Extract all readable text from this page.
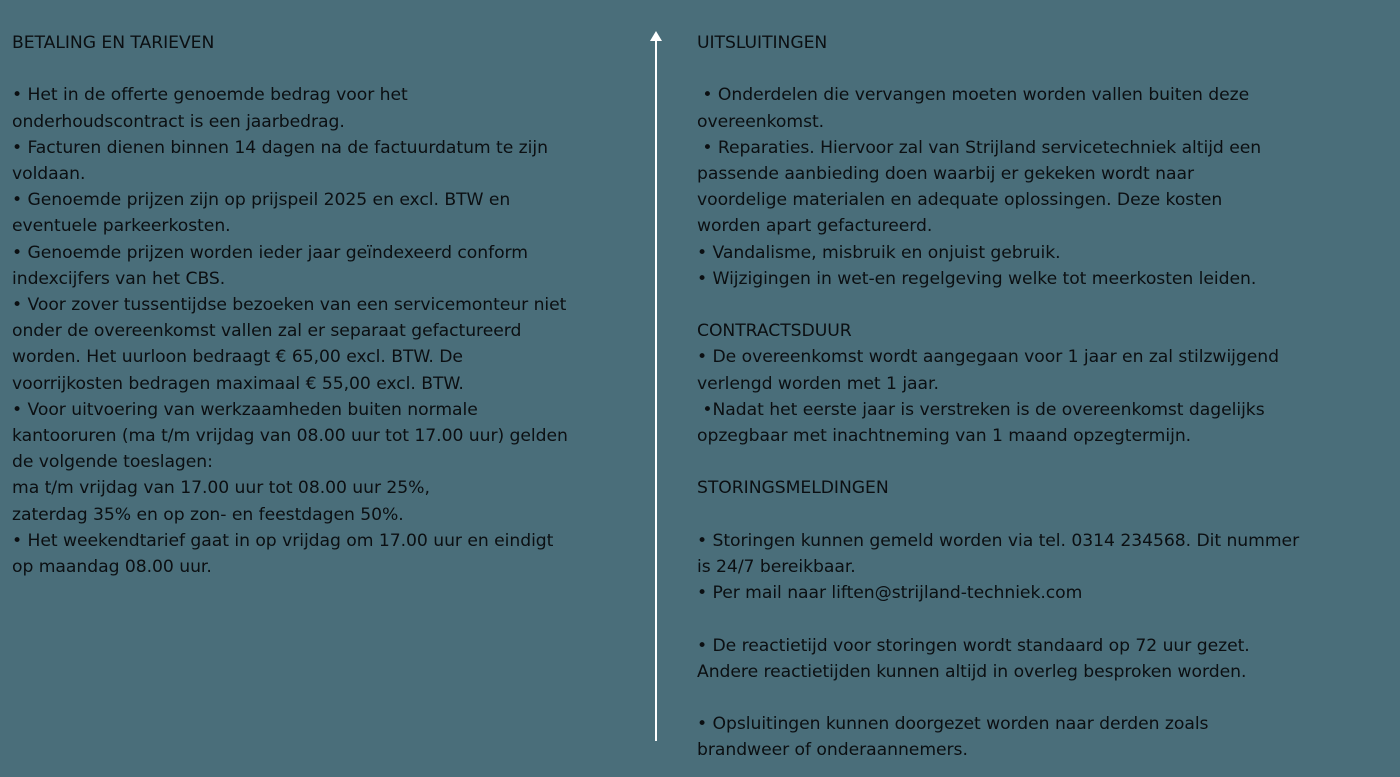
BETALING EN TARIEVEN
• Het in de offerte genoemde bedrag voor het
onderhoudscontract is een jaarbedrag.
• Facturen dienen binnen 14 dagen na de factuurdatum te zijn
voldaan.
• Genoemde prijzen zijn op prijspeil 2025 en excl. BTW en
eventuele parkeerkosten.
• Genoemde prijzen worden ieder jaar geïndexeerd conform
indexcijfers van het CBS.
• Voor zover tussentijdse bezoeken van een servicemonteur niet
onder de overeenkomst vallen zal er separaat gefactureerd
worden. Het uurloon bedraagt € 65,00 excl. BTW. De
voorrijkosten bedragen maximaal € 55,00 excl. BTW.
• Voor uitvoering van werkzaamheden buiten normale
kantooruren (ma t/m vrijdag van 08.00 uur tot 17.00 uur) gelden
de volgende toeslagen:
ma t/m vrijdag van 17.00 uur tot 08.00 uur 25%,
zaterdag 35% en op zon- en feestdagen 50%.
• Het weekendtarief gaat in op vrijdag om 17.00 uur en eindigt
op maandag 08.00 uur.
UITSLUITINGEN
• Onderdelen die vervangen moeten worden vallen buiten deze
overeenkomst.
• Reparaties. Hiervoor zal van Strijland servicetechniek altijd een
passende aanbieding doen waarbij er gekeken wordt naar
voordelige materialen en adequate oplossingen. Deze kosten
worden apart gefactureerd.
• Vandalisme, misbruik en onjuist gebruik.
• Wijzigingen in wet-en regelgeving welke tot meerkosten leiden.
CONTRACTSDUUR
• De overeenkomst wordt aangegaan voor 1 jaar en zal stilzwijgend
verlengd worden met 1 jaar.
•Nadat het eerste jaar is verstreken is de overeenkomst dagelijks
opzegbaar met inachtneming van 1 maand opzegtermijn.
STORINGSMELDINGEN
• Storingen kunnen gemeld worden via tel. 0314 234568. Dit nummer
is 24/7 bereikbaar.
• Per mail naar liften@strijland-techniek.com
• De reactietijd voor storingen wordt standaard op 72 uur gezet.
Andere reactietijden kunnen altijd in overleg besproken worden.
• Opsluitingen kunnen doorgezet worden naar derden zoals
brandweer of onderaannemers.
